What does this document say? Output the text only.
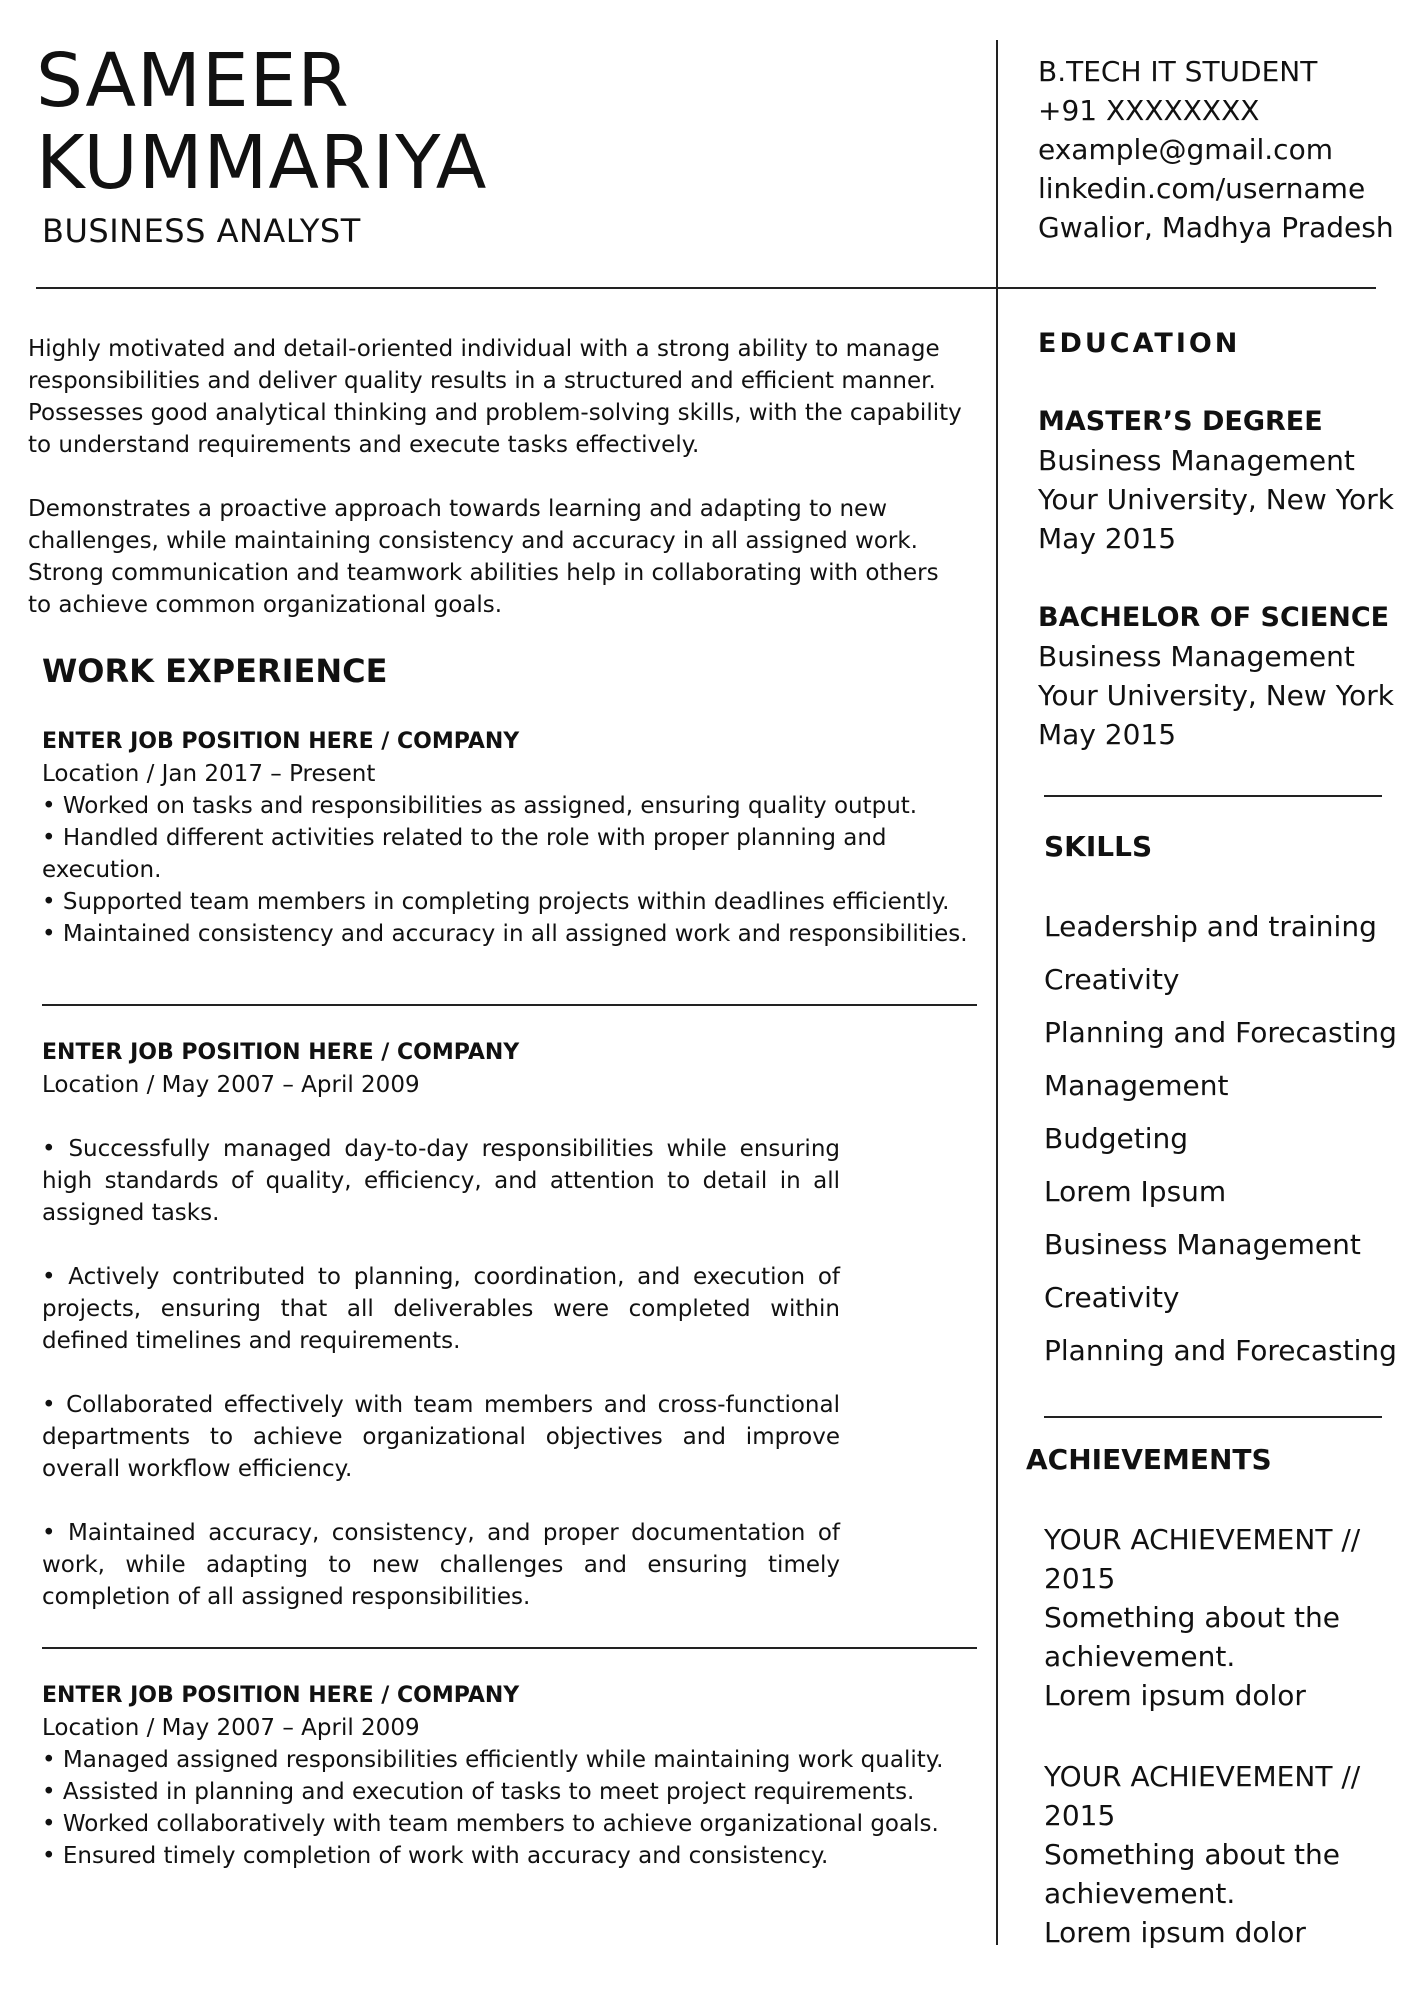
SAMEER
KUMMARIYA
BUSINESS ANALYST
B.TECH IT STUDENT
+91 XXXXXXXX
example@gmail.com
linkedin.com/username
Gwalior, Madhya Pradesh

Highly motivated and detail-oriented individual with a strong ability to manage responsibilities and deliver quality results in a structured and efficient manner. Possesses good analytical thinking and problem-solving skills, with the capability to understand requirements and execute tasks effectively.

Demonstrates a proactive approach towards learning and adapting to new challenges, while maintaining consistency and accuracy in all assigned work. Strong communication and teamwork abilities help in collaborating with others to achieve common organizational goals.

WORK EXPERIENCE
ENTER JOB POSITION HERE / COMPANY
Location / Jan 2017 – Present
• Worked on tasks and responsibilities as assigned, ensuring quality output.
• Handled different activities related to the role with proper planning and execution.
• Supported team members in completing projects within deadlines efficiently.
• Maintained consistency and accuracy in all assigned work and responsibilities.
ENTER JOB POSITION HERE / COMPANY
Location / May 2007 – April 2009
• Successfully managed day-to-day responsibilities while ensuring high standards of quality, efficiency, and attention to detail in all assigned tasks.
• Actively contributed to planning, coordination, and execution of projects, ensuring that all deliverables were completed within defined timelines and requirements.
• Collaborated effectively with team members and cross-functional departments to achieve organizational objectives and improve overall workflow efficiency.
• Maintained accuracy, consistency, and proper documentation of work, while adapting to new challenges and ensuring timely completion of all assigned responsibilities.
ENTER JOB POSITION HERE / COMPANY
Location / May 2007 – April 2009
• Managed assigned responsibilities efficiently while maintaining work quality.
• Assisted in planning and execution of tasks to meet project requirements.
• Worked collaboratively with team members to achieve organizational goals.
• Ensured timely completion of work with accuracy and consistency.
EDUCATION
MASTER’S DEGREE
Business Management
Your University, New York
May 2015
BACHELOR OF SCIENCE
Business Management
Your University, New York
May 2015
SKILLS
Leadership and training
Creativity
Planning and Forecasting
Management
Budgeting
Lorem Ipsum
Business Management
Creativity
Planning and Forecasting
ACHIEVEMENTS
YOUR ACHIEVEMENT // 2015
Something about the achievement.
Lorem ipsum dolor
YOUR ACHIEVEMENT // 2015
Something about the achievement.
Lorem ipsum dolor
